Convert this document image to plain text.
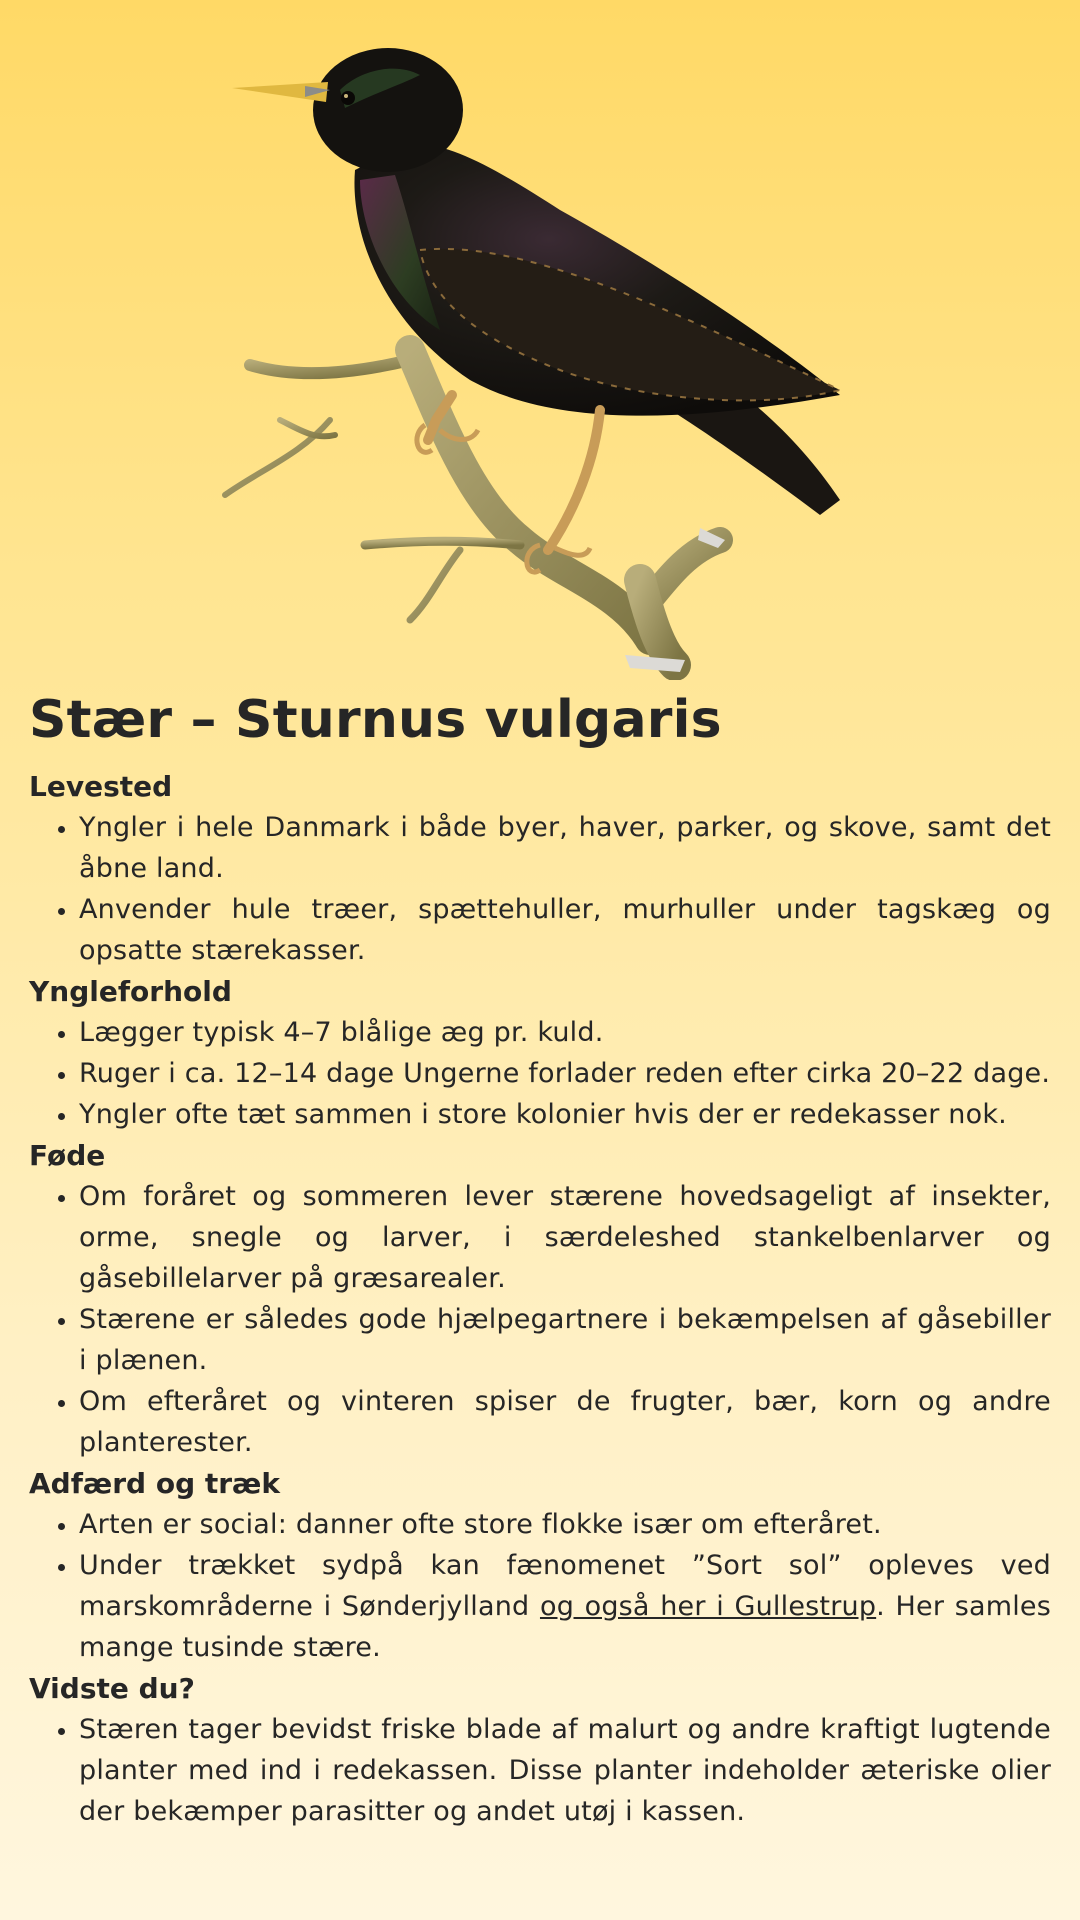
Stær – Sturnus vulgaris
Levested
• Yngler i hele Danmark i både byer, haver, parker, og skove, samt det åbne land.
• Anvender hule træer, spættehuller, murhuller under tagskæg og opsatte stærekasser.
Yngleforhold
• Lægger typisk 4–7 blålige æg pr. kuld.
• Ruger i ca. 12–14 dage Ungerne forlader reden efter cirka 20–22 dage.
• Yngler ofte tæt sammen i store kolonier hvis der er redekasser nok.
Føde
• Om foråret og sommeren lever stærene hovedsageligt af insekter, orme, snegle og larver, i særdeleshed stankelbenlarver og gåsebillelarver på græsarealer.
• Stærene er således gode hjælpegartnere i bekæmpelsen af gåsebiller i plænen.
• Om efteråret og vinteren spiser de frugter, bær, korn og andre planterester.
Adfærd og træk
• Arten er social: danner ofte store flokke især om efteråret.
• Under trækket sydpå kan fænomenet ”Sort sol” opleves ved marskområderne i Sønderjylland og også her i Gullestrup. Her samles mange tusinde stære.
Vidste du?
• Stæren tager bevidst friske blade af malurt og andre kraftigt lugtende planter med ind i redekassen. Disse planter indeholder æteriske olier der bekæmper parasitter og andet utøj i kassen.
